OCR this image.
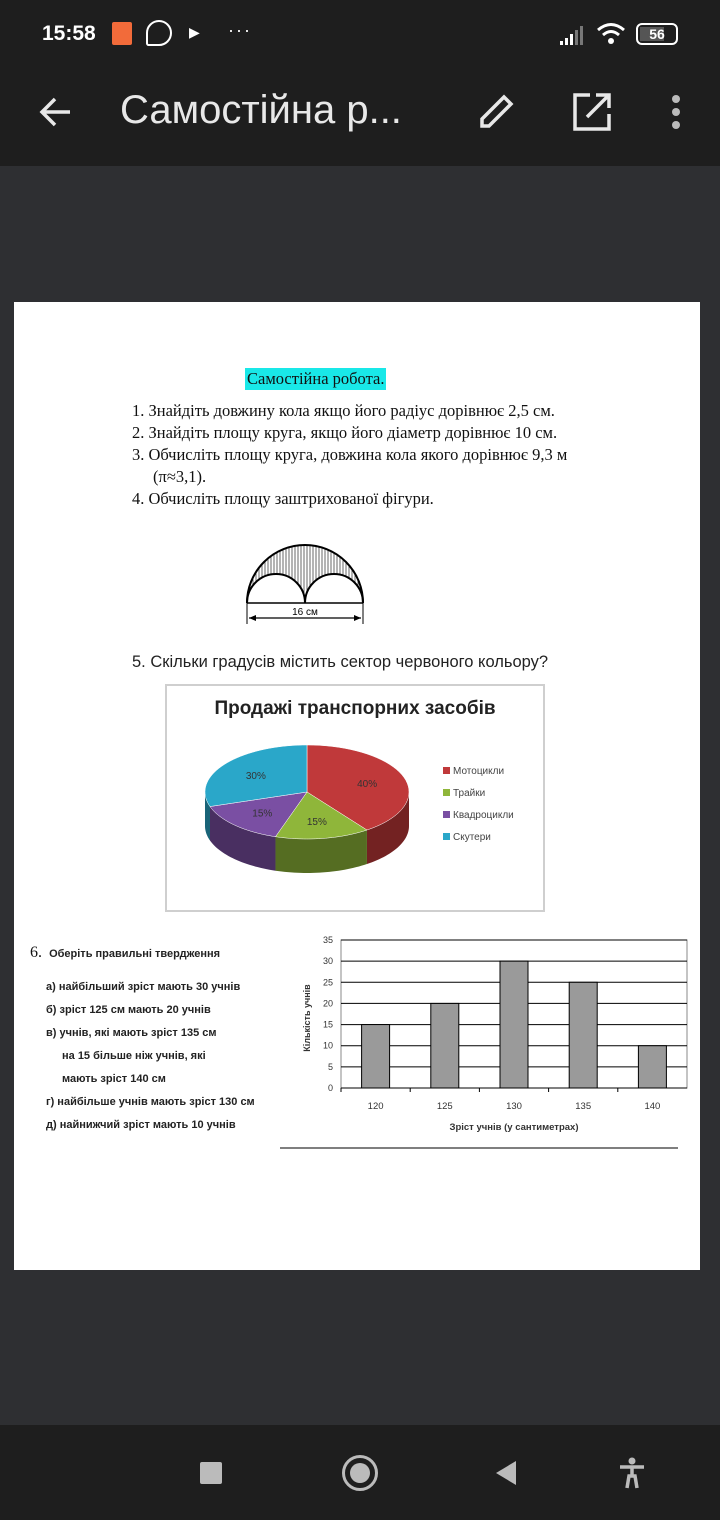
15:58	▶ ···	56
Самостійна р...
Самостійна робота.
1. Знайдіть довжину кола якщо його радіус дорівнює 2,5 см.
2. Знайдіть площу круга, якщо його діаметр дорівнює 10 см.
3. Обчисліть площу круга, довжина кола якого дорівнює 9,3 м
(π≈3,1).
4. Обчисліть площу заштрихованої фігури.
16 см
5. Скільки градусів містить сектор червоного кольору?
Продажі транспорних засобів
40%
15%
15%
30%	Мотоцикли
Трайки
Квадроцикли
Скутери
6. Оберіть правильні твердження
а) найбільший зріст мають 30 учнів
б) зріст 125 см мають 20 учнів
в) учнів, які мають зріст 135 см
на 15 більше ніж учнів, які
мають зріст 140 см
г) найбільше учнів мають зріст 130 см
д) найнижчий зріст мають 10 учнів
0
5
10
15
20
25
30
35
120	125	130	135	140
Зріст учнів (у сантиметрах)
Кількість учнів
